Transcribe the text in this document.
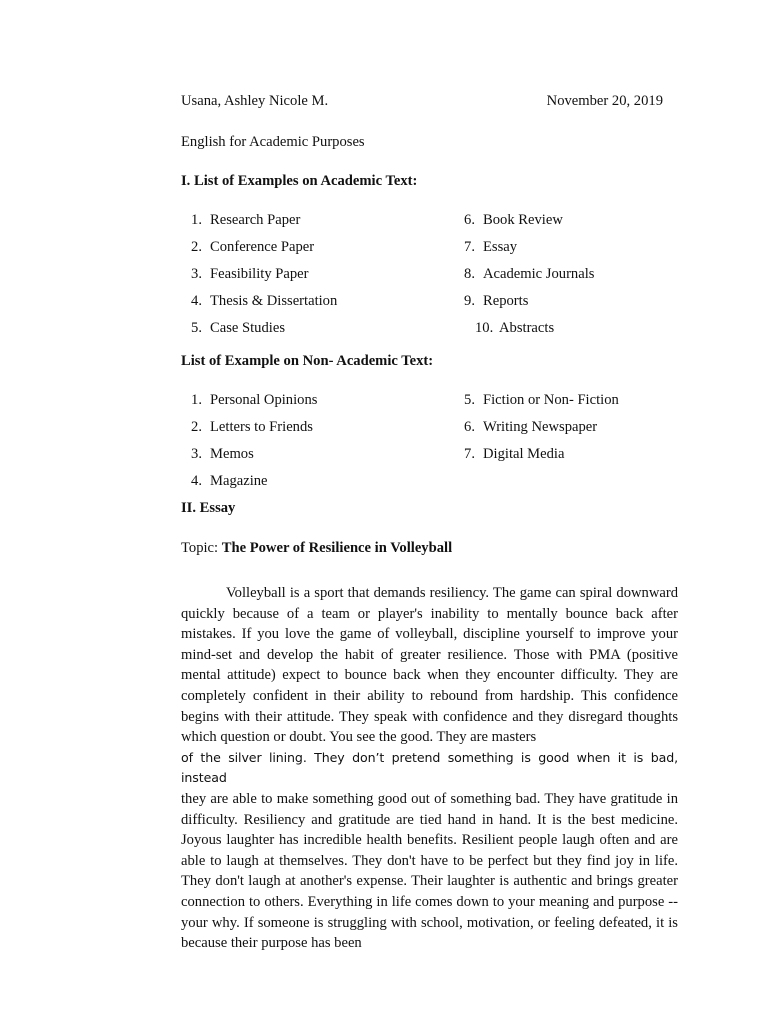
Usana, Ashley Nicole M.	November 20, 2019
English for Academic Purposes
I. List of Examples on Academic Text:
1. Research Paper
2. Conference Paper
3. Feasibility Paper
4. Thesis & Dissertation
5. Case Studies
6. Book Review
7. Essay
8. Academic Journals
9. Reports
10. Abstracts
List of Example on Non- Academic Text:
1. Personal Opinions
2. Letters to Friends
3. Memos
4. Magazine
5. Fiction or Non- Fiction
6. Writing Newspaper
7. Digital Media
II. Essay
Topic: The Power of Resilience in Volleyball

Volleyball is a sport that demands resiliency. The game can spiral downward quickly because of a team or player's inability to mentally bounce back after mistakes. If you love the game of volleyball, discipline yourself to improve your mind-set and develop the habit of greater resilience. Those with PMA (positive mental attitude) expect to bounce back when they encounter difficulty. They are completely confident in their ability to rebound from hardship. This confidence begins with their attitude. They speak with confidence and they disregard thoughts which question or doubt. You see the good. They are masters

of the silver lining. They don’t pretend something is good when it is bad, instead
they are able to make something good out of something bad. They have gratitude in difficulty. Resiliency and gratitude are tied hand in hand. It is the best medicine. Joyous laughter has incredible health benefits. Resilient people laugh often and are able to laugh at themselves. They don't have to be perfect but they find joy in life. They don't laugh at another's expense. Their laughter is authentic and brings greater connection to others. Everything in life comes down to your meaning and purpose -- your why. If someone is struggling with school, motivation, or feeling defeated, it is because their purpose has been
